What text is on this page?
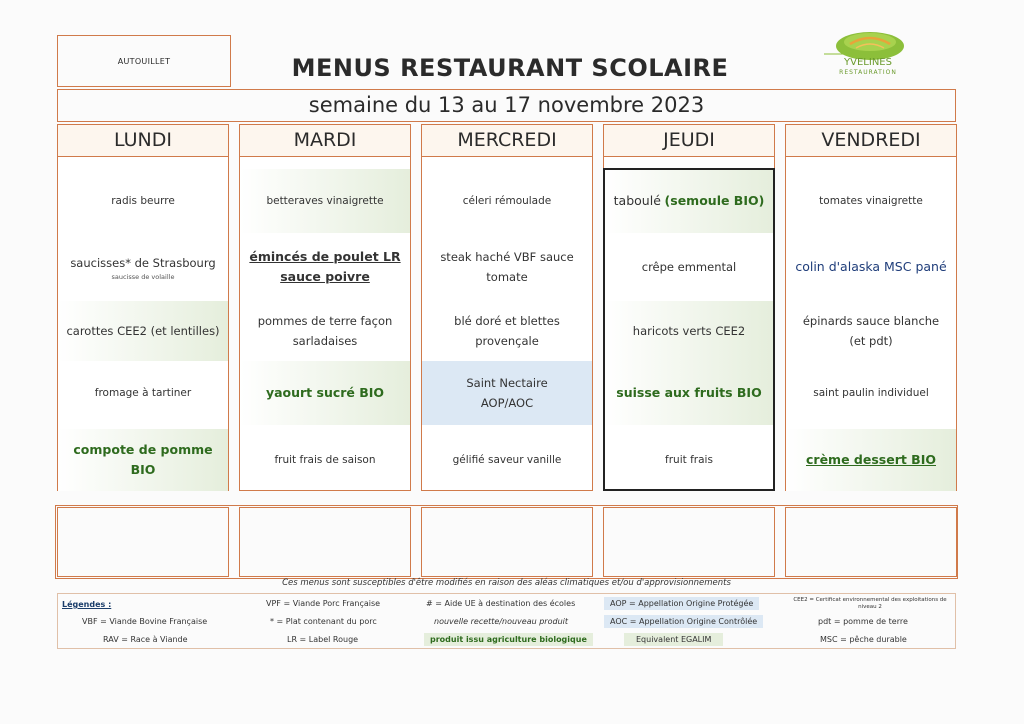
AUTOUILLET	MENUS RESTAURANT SCOLAIRE	YVELINES
RESTAURATION
semaine du 13 au 17 novembre 2023
LUNDI
radis beurre
saucisses* de Strasbourg
saucisse de volaille
carottes CEE2 (et lentilles)
fromage à tartiner
compote de pomme BIO
MARDI
betteraves vinaigrette
émincés de poulet LR sauce poivre
pommes de terre façon sarladaises
yaourt sucré BIO
fruit frais de saison
MERCREDI
céleri rémoulade
steak haché VBF sauce tomate
blé doré et blettes provençale
Saint Nectaire AOP/AOC
gélifié saveur vanille
JEUDI
taboulé
(semoule BIO)
crêpe emmental
haricots verts CEE2
suisse aux fruits BIO
fruit frais
VENDREDI
tomates vinaigrette
colin d'alaska MSC pané
épinards sauce blanche (et pdt)
saint paulin individuel
crème dessert BIO
Ces menus sont susceptibles d'être modifiés en raison des aléas climatiques et/ou d'approvisionnements
Légendes :
VBF = Viande Bovine Française
RAV = Race à Viande
VPF = Viande Porc Française
* = Plat contenant du porc
LR = Label Rouge
# = Aide UE à destination des écoles
nouvelle recette/nouveau produit
produit issu agriculture biologique
AOP = Appellation Origine Protégée
AOC = Appellation Origine Contrôlée
Equivalent EGALIM
CEE2 = Certificat environnemental des exploitations de niveau 2
pdt = pomme de terre
MSC = pêche durable
